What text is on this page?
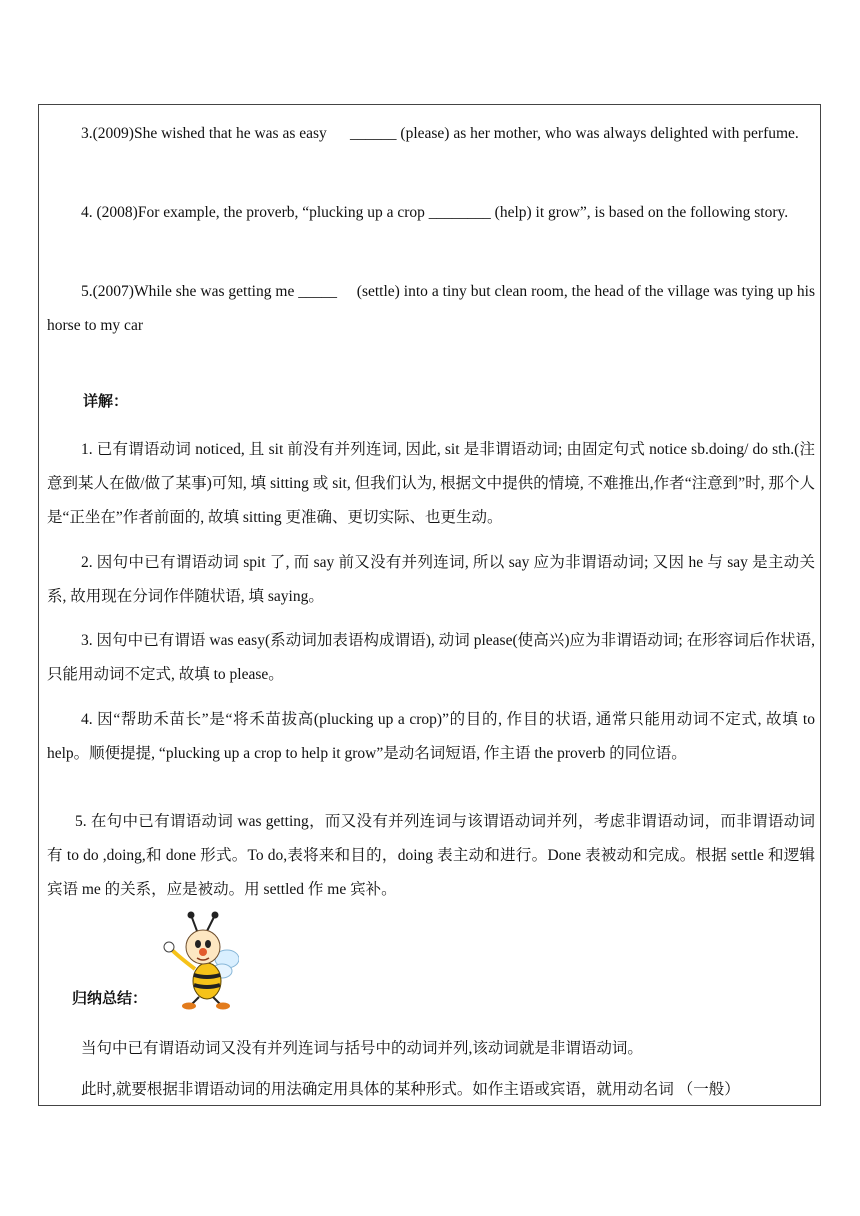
3.(2009)She wished that he was as easy      ______ (please) as her mother, who was always delighted with perfume.
4. (2008)For example, the proverb, “plucking up a crop ________ (help) it grow”, is based on the following story.
5.(2007)While she was getting me _____     (settle) into a tiny but clean room, the head of the village was tying up his horse to my car
详解：
1. 已有谓语动词 noticed, 且 sit 前没有并列连词, 因此, sit 是非谓语动词; 由固定句式 notice sb.doing/ do sth.(注意到某人在做/做了某事)可知, 填 sitting 或 sit, 但我们认为, 根据文中提供的情境, 不难推出,作者“注意到”时, 那个人是“正坐在”作者前面的, 故填 sitting 更准确、更切实际、也更生动。
2. 因句中已有谓语动词 spit 了, 而 say 前又没有并列连词, 所以 say 应为非谓语动词; 又因 he 与 say 是主动关系, 故用现在分词作伴随状语, 填 saying。
3. 因句中已有谓语 was easy(系动词加表语构成谓语), 动词 please(使高兴)应为非谓语动词; 在形容词后作状语, 只能用动词不定式, 故填 to please。
4. 因“帮助禾苗长”是“将禾苗拔高(plucking up a crop)”的目的, 作目的状语, 通常只能用动词不定式, 故填 to help。顺便提提, “plucking up a crop to help it grow”是动名词短语, 作主语 the proverb 的同位语。
5. 在句中已有谓语动词 was getting，而又没有并列连词与该谓语动词并列，考虑非谓语动词，而非谓语动词有 to do ,doing,和 done 形式。To do,表将来和目的，doing 表主动和进行。Done 表被动和完成。根据 settle 和逻辑宾语 me 的关系，应是被动。用 settled 作 me 宾补。
归纳总结：
当句中已有谓语动词又没有并列连词与括号中的动词并列,该动词就是非谓语动词。
此时,就要根据非谓语动词的用法确定用具体的某种形式。如作主语或宾语，就用动名词 （一般）
